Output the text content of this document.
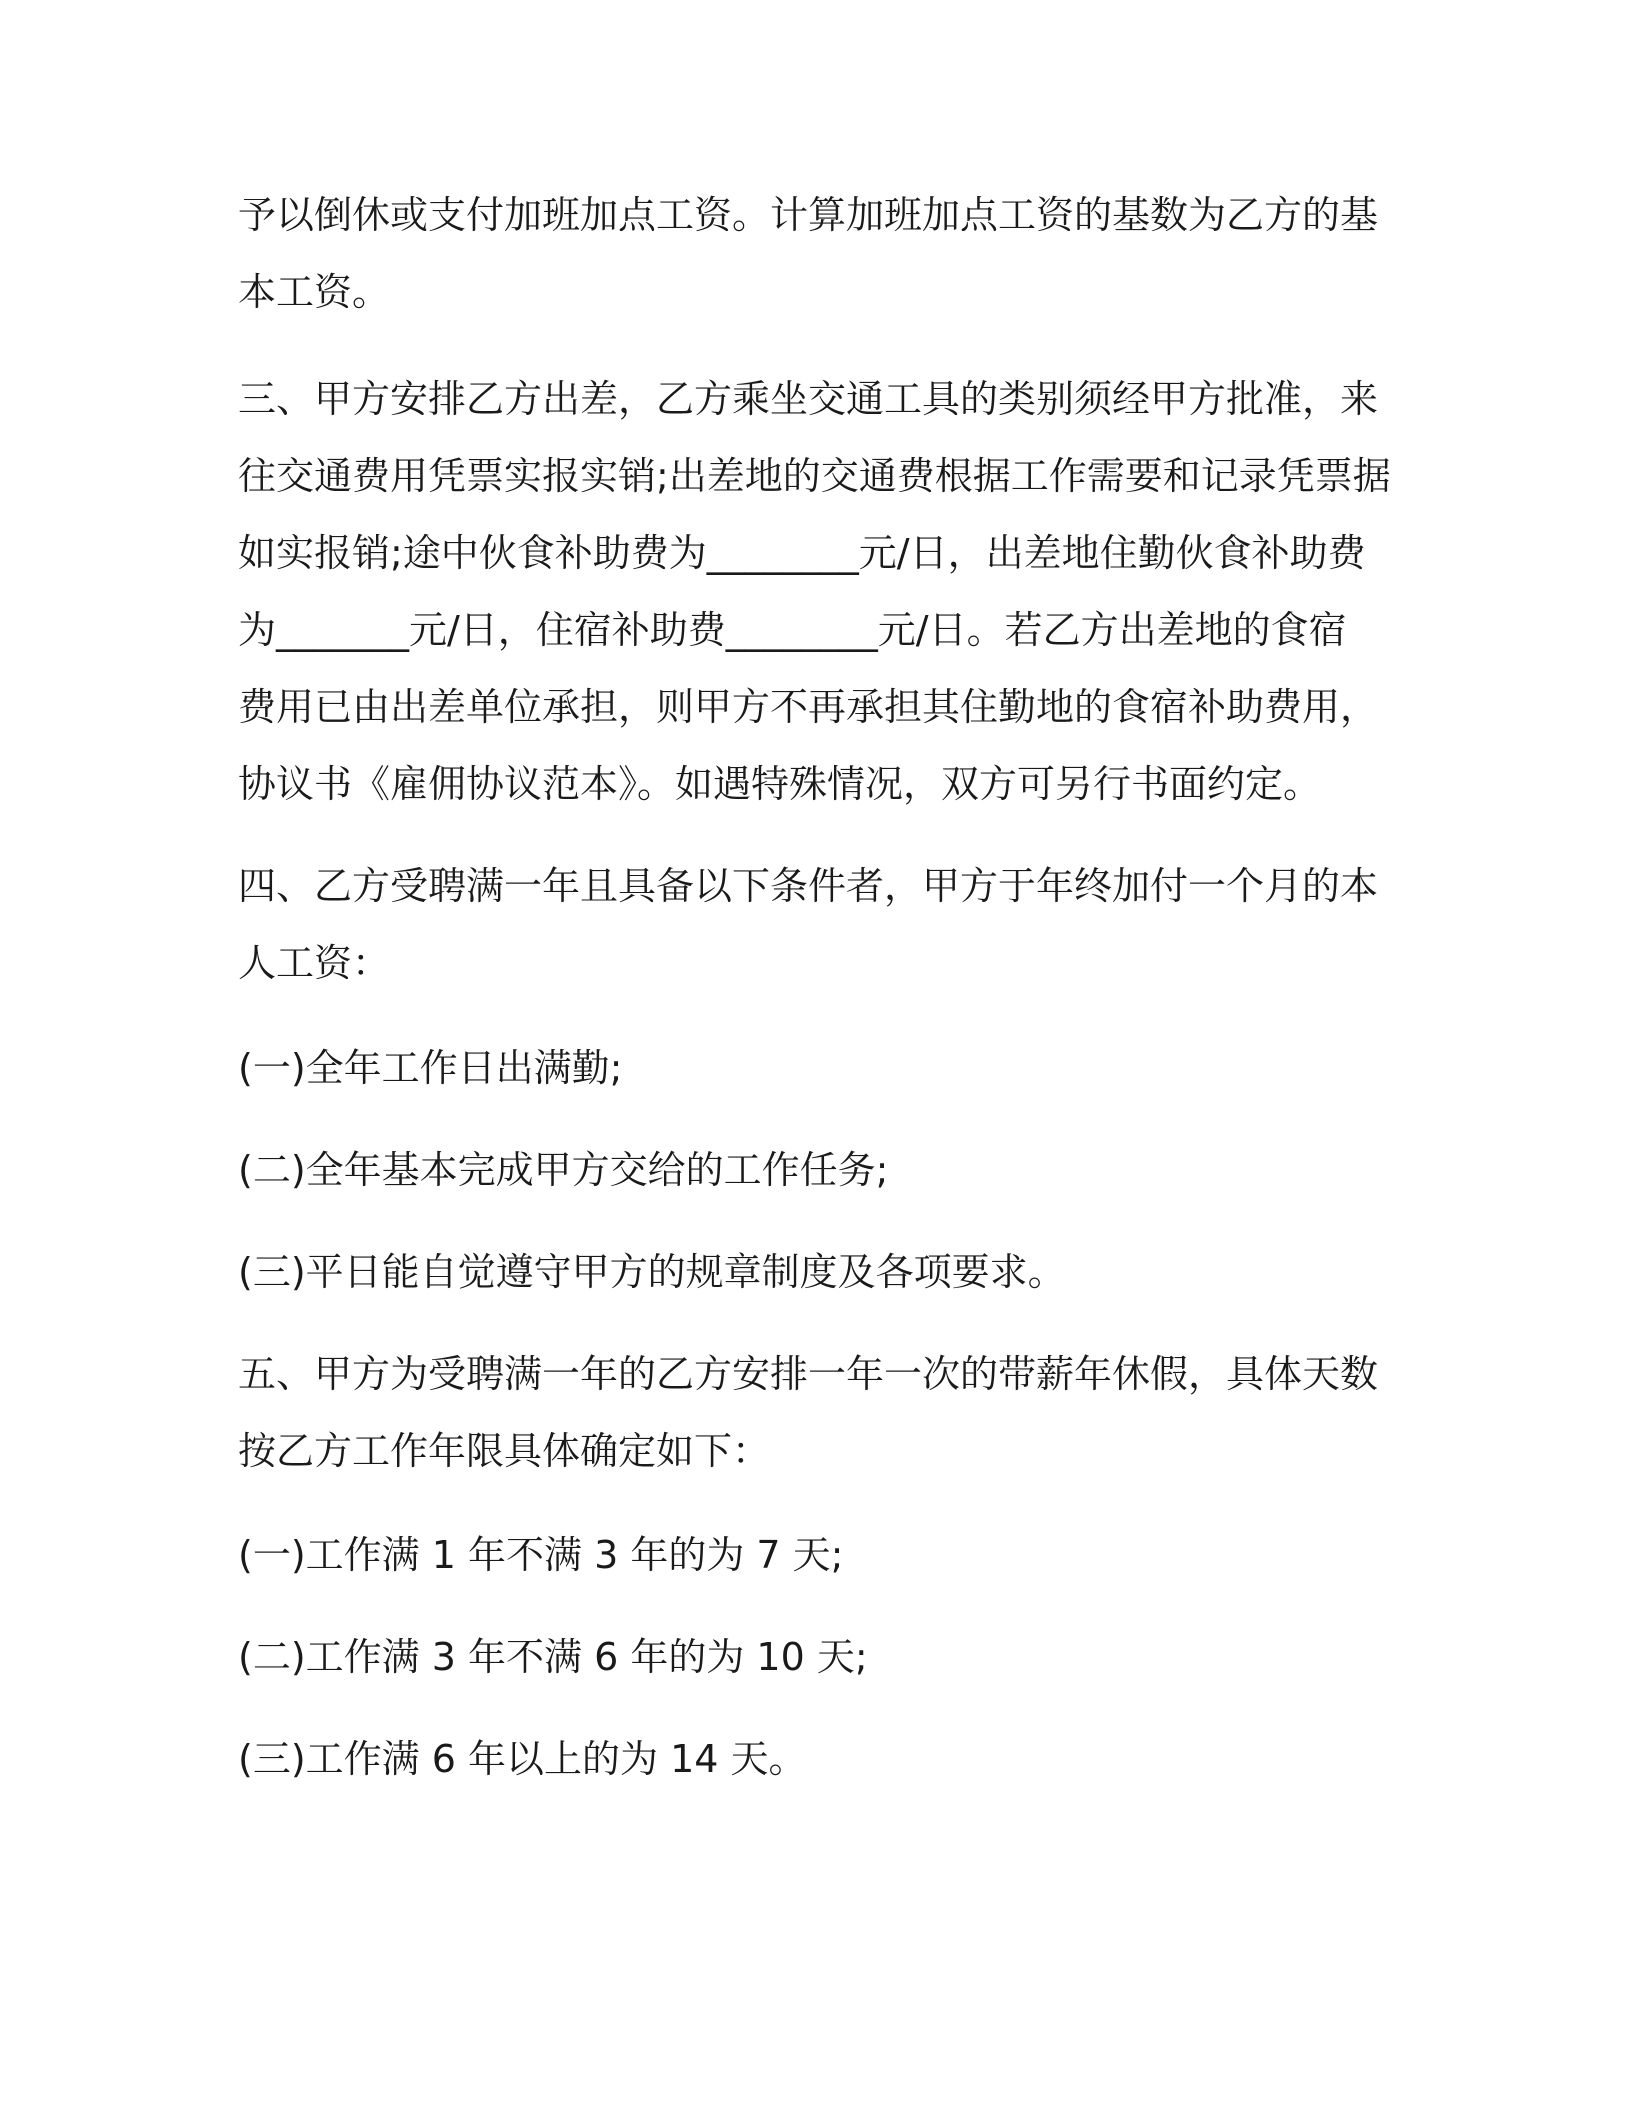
予以倒休或支付加班加点工资。计算加班加点工资的基数为乙方的基
本工资。
三、甲方安排乙方出差，乙方乘坐交通工具的类别须经甲方批准，来
往交通费用凭票实报实销;出差地的交通费根据工作需要和记录凭票据
如实报销;途中伙食补助费为________元/日，出差地住勤伙食补助费
为_______元/日，住宿补助费________元/日。若乙方出差地的食宿
费用已由出差单位承担，则甲方不再承担其住勤地的食宿补助费用，
协议书《雇佣协议范本》。如遇特殊情况，双方可另行书面约定。
四、乙方受聘满一年且具备以下条件者，甲方于年终加付一个月的本
人工资：
(一)全年工作日出满勤;
(二)全年基本完成甲方交给的工作任务;
(三)平日能自觉遵守甲方的规章制度及各项要求。
五、甲方为受聘满一年的乙方安排一年一次的带薪年休假，具体天数
按乙方工作年限具体确定如下：
(一)工作满 1 年不满 3 年的为 7 天;
(二)工作满 3 年不满 6 年的为 10 天;
(三)工作满 6 年以上的为 14 天。
